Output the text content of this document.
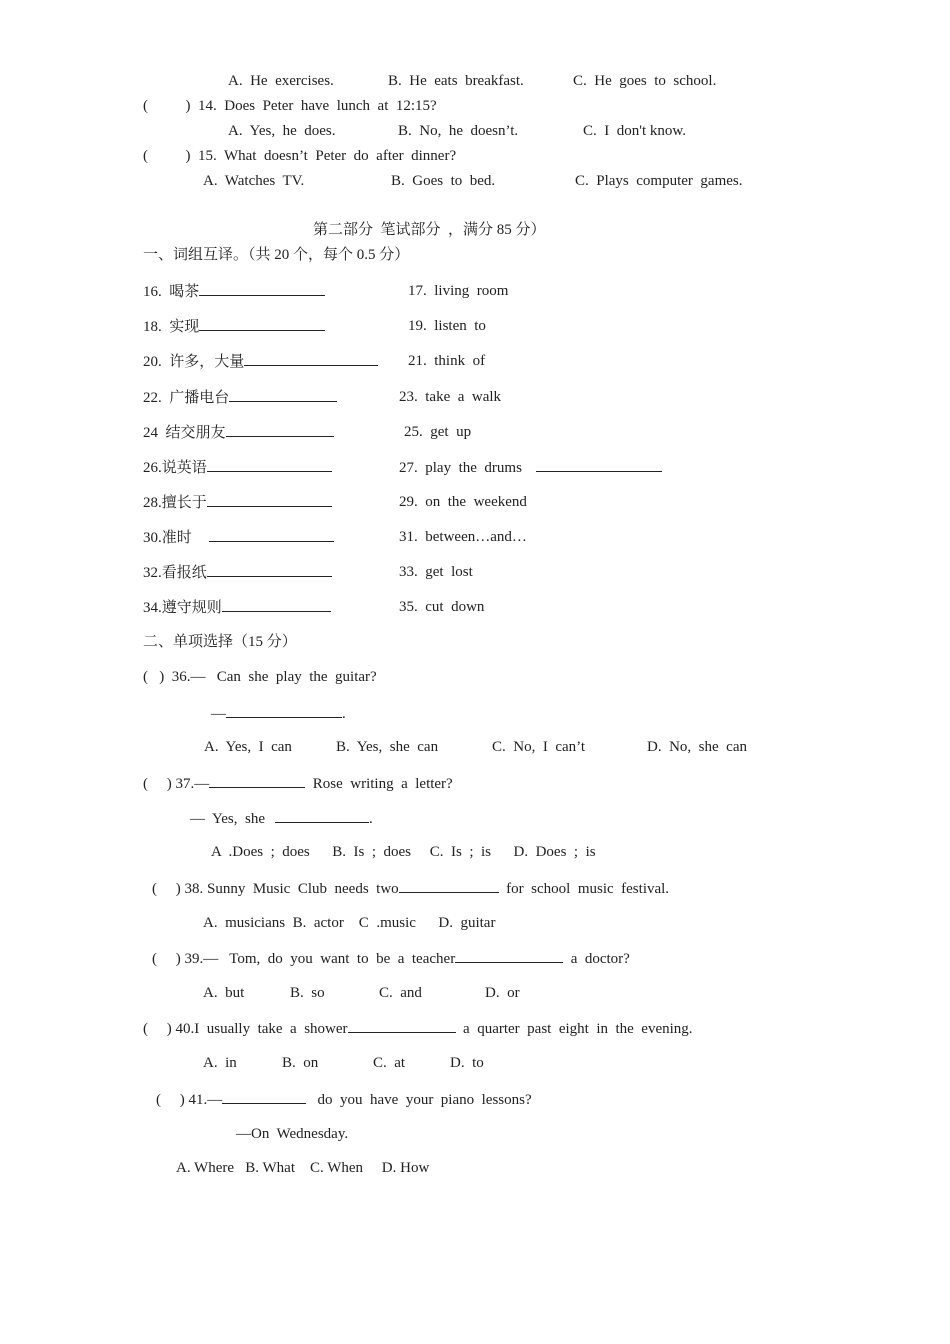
A.  He  exercises.	B.  He  eats  breakfast.	C.  He  goes  to  school.
(          ) 14.  Does  Peter  have  lunch  at  12:15?
A.  Yes,  he  does.	B.  No,  he  doesn’t.	C.  I  don't know.
(          ) 15.  What  doesn’t  Peter  do  after  dinner?
A.  Watches  TV.	B.  Goes  to  bed.	C.  Plays  computer  games.
第二部分  笔试部分  ，满分 85 分）
一、词组互译。（共 20 个，每个 0.5 分）
16.  喝茶	17.  living  room
18.  实现	19.  listen  to
20.  许多，大量	21.  think  of
22.  广播电台	23.  take  a  walk
24  结交朋友	25.  get  up
26.说英语	27.  play  the  drums
28.擅长于	29.  on  the  weekend
30.准时	31.  between…and…
32.看报纸	33.  get  lost
34.遵守规则	35.  cut  down
二、单项选择（15 分）
(   )  36.—   Can  she  play  the  guitar?
—	.
A.  Yes,  I  can	B.  Yes,  she  can	C.  No,  I  can’t	D.  No,  she  can
(     ) 37.—	Rose  writing  a  letter?
—  Yes,  she	.
A  .Does  ;  does      B.  Is  ;  does     C.  Is  ;  is      D.  Does  ;  is
(     ) 38. Sunny  Music  Club  needs  two	for  school  music  festival.
A.  musicians  B.  actor    C  .music      D.  guitar
(     ) 39.—   Tom,  do  you  want  to  be  a  teacher	a  doctor?
A.  but	B.  so	C.  and	D.  or
(     ) 40.I  usually  take  a  shower	a  quarter  past  eight  in  the  evening.
A.  in	B.  on	C.  at	D.  to
(     ) 41.—	do  you  have  your  piano  lessons?
—On  Wednesday.
A. Where   B. What    C. When     D. How
